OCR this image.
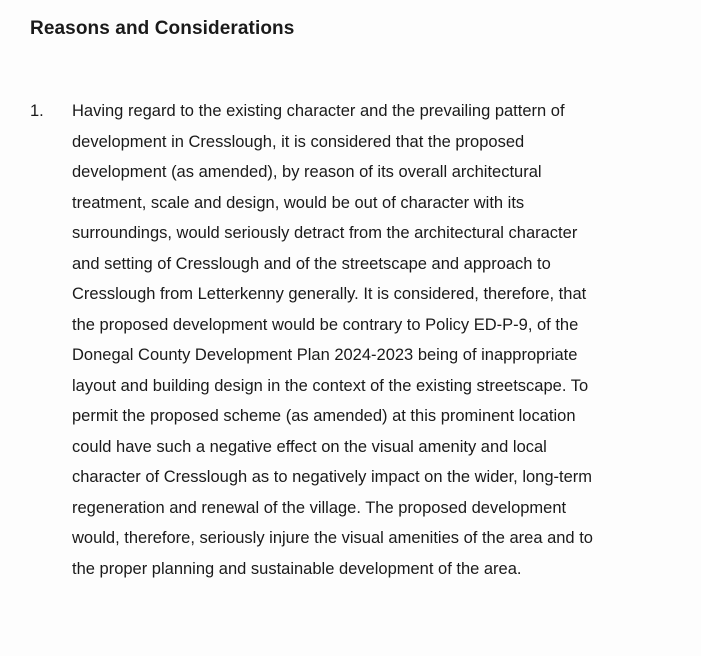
Reasons and Considerations
1. Having regard to the existing character and the prevailing pattern of
development in Cresslough, it is considered that the proposed
development (as amended), by reason of its overall architectural
treatment, scale and design, would be out of character with its
surroundings, would seriously detract from the architectural character
and setting of Cresslough and of the streetscape and approach to
Cresslough from Letterkenny generally. It is considered, therefore, that
the proposed development would be contrary to Policy ED-P-9, of the
Donegal County Development Plan 2024-2023 being of inappropriate
layout and building design in the context of the existing streetscape. To
permit the proposed scheme (as amended) at this prominent location
could have such a negative effect on the visual amenity and local
character of Cresslough as to negatively impact on the wider, long-term
regeneration and renewal of the village. The proposed development
would, therefore, seriously injure the visual amenities of the area and to
the proper planning and sustainable development of the area.
